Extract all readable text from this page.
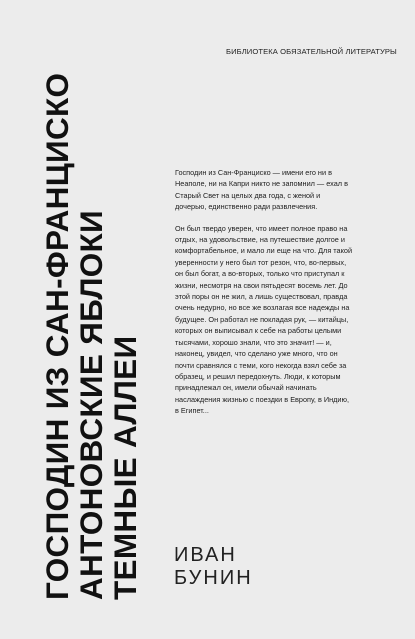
ГОСПОДИН ИЗ САН-ФРАНЦИСКО
АНТОНОВСКИЕ ЯБЛОКИ
ТЕМНЫЕ АЛЛЕИ
БИБЛИОТЕКА ОБЯЗАТЕЛЬНОЙ ЛИТЕРАТУРЫ

Господин из Сан-Франциско — имени его ни в Неаполе, ни на Капри никто не запомнил — ехал в Старый Свет на целых два года, с женой и дочерью, единственно ради развлечения.

Он был твердо уверен, что имеет полное право на отдых, на удовольствие, на путешествие долгое и комфортабельное, и мало ли еще на что. Для такой уверенности у него был тот резон, что, во-первых, он был богат, а во-вторых, только что приступал к жизни, несмотря на свои пятьдесят восемь лет. До этой поры он не жил, а лишь существовал, правда очень недурно, но все же возлагая все надежды на будущее. Он работал не покладая рук, — китайцы, которых он выписывал к себе на работы целыми тысячами, хорошо знали, что это значит! — и, наконец, увидел, что сделано уже много, что он почти сравнялся с теми, кого некогда взял себе за образец, и решил передохнуть. Люди, к которым принадлежал он, имели обычай начинать наслаждения жизнью с поездки в Европу, в Индию, в Египет...

ИВАН
БУНИН
